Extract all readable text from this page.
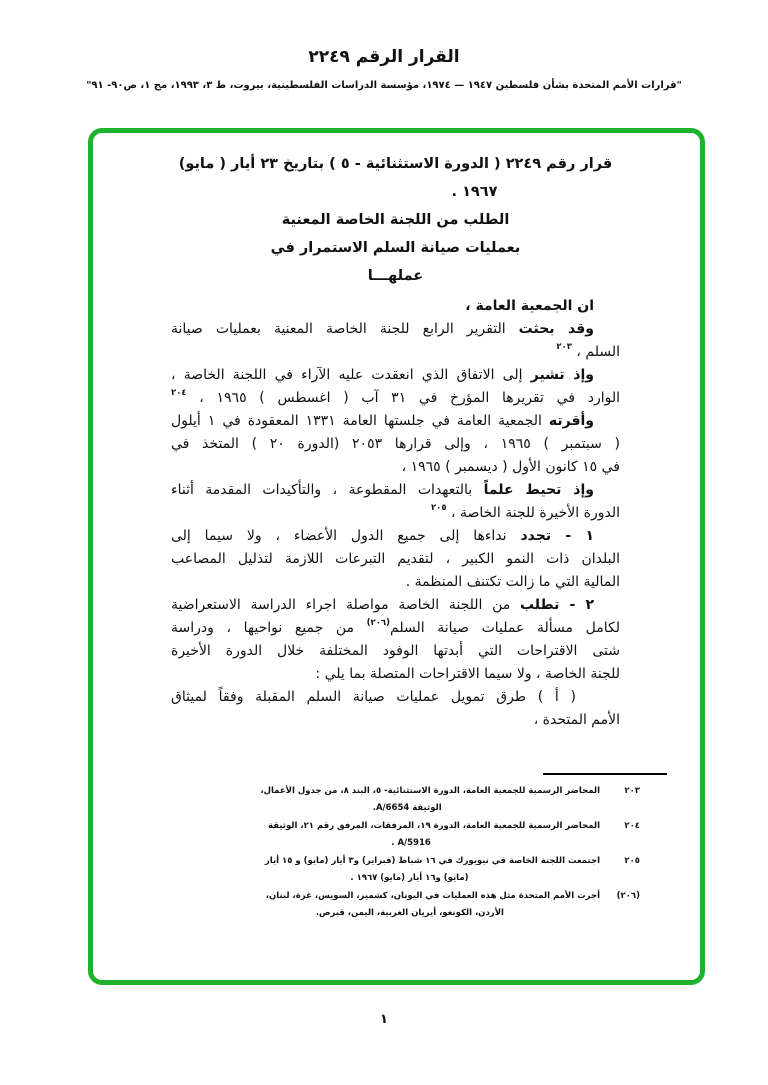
القرار الرقم ٢٢٤٩
"قرارات الأمم المتحدة بشأن فلسطين ١٩٤٧ — ١٩٧٤، مؤسسة الدراسات الفلسطينية، بيروت، ط ٣، ١٩٩٣، مج ١، ص٩٠- ٩١"
قرار رقم ٢٢٤٩ ( الدورة الاستثنائية - ٥ ) بتاريخ ٢٣ أيار ( مايو)
١٩٦٧ .
الطلب من اللجنة الخاصة المعنية
بعمليات صيانة السلم الاستمرار في
عملهـــا
ان الجمعية العامة ،
وقد بحثت التقرير الرابع للجنة الخاصة المعنية بعمليات صيانة
السلم ، $^{٢٠٣}$
وإذ تشير إلى الاتفاق الذي انعقدت عليه الآراء في اللجنة الخاصة ،
الوارد في تقريرها المؤرخ في ٣١ آب ( اغسطس ) ١٩٦٥ ، $^{٢٠٤}$
وأقرته الجمعية العامة في جلستها العامة ١٣٣١ المعقودة في ١ أيلول
( سبتمبر ) ١٩٦٥ ، وإلى قرارها ٢٠٥٣ (الدورة ٢٠ ) المتخذ في
في ١٥ كانون الأول ( ديسمبر ) ١٩٦٥ ،
وإذ تحيط علماً بالتعهدات المقطوعة ، والتأكيدات المقدمة أثناء
الدورة الأخيرة للجنة الخاصة ، $^{٢٠٥}$
١ - تجدد نداءها إلى جميع الدول الأعضاء ، ولا سيما إلى
البلدان ذات النمو الكبير ، لتقديم التبرعات اللازمة لتذليل المصاعب
المالية التي ما زالت تكتنف المنظمة .
٢ - تطلب من اللجنة الخاصة مواصلة اجراء الدراسة الاستعراضية
لكامل مسألة عمليات صيانة السلم$^{(٢٠٦)}$ من جميع نواحيها ، ودراسة
شتى الاقتراحات التي أبدتها الوفود المختلفة خلال الدورة الأخيرة
للجنة الخاصة ، ولا سيما الاقتراحات المتصلة بما يلي :
( أ ) طرق تمويل عمليات صيانة السلم المقبلة وفقاً لميثاق
الأمم المتحدة ،
٢٠٣
المحاضر الرسمية للجمعية العامة، الدورة الاستثنائية- ٥، البند ٨، من جدول الأعمال،
الوثيقة A/6654.
٢٠٤
المحاضر الرسمية للجمعية العامة، الدورة ١٩، المرفقات، المرفق رقم ٢١، الوثيقة
A/5916 .
٢٠٥
اجتمعت اللجنة الخاصة في نيويورك في ١٦ شباط (فبراير) و٣ أيار (مايو) و ١٥ أيار
(مايو) و١٦ أيار (مايو) ١٩٦٧ .
(٢٠٦)
أجرت الأمم المتحدة مثل هذه العمليات في اليونان، كشمير، السويس، غزة، لبنان،
الأردن، الكونغو، أيريان الغربية، اليمن، قبرص.
١
